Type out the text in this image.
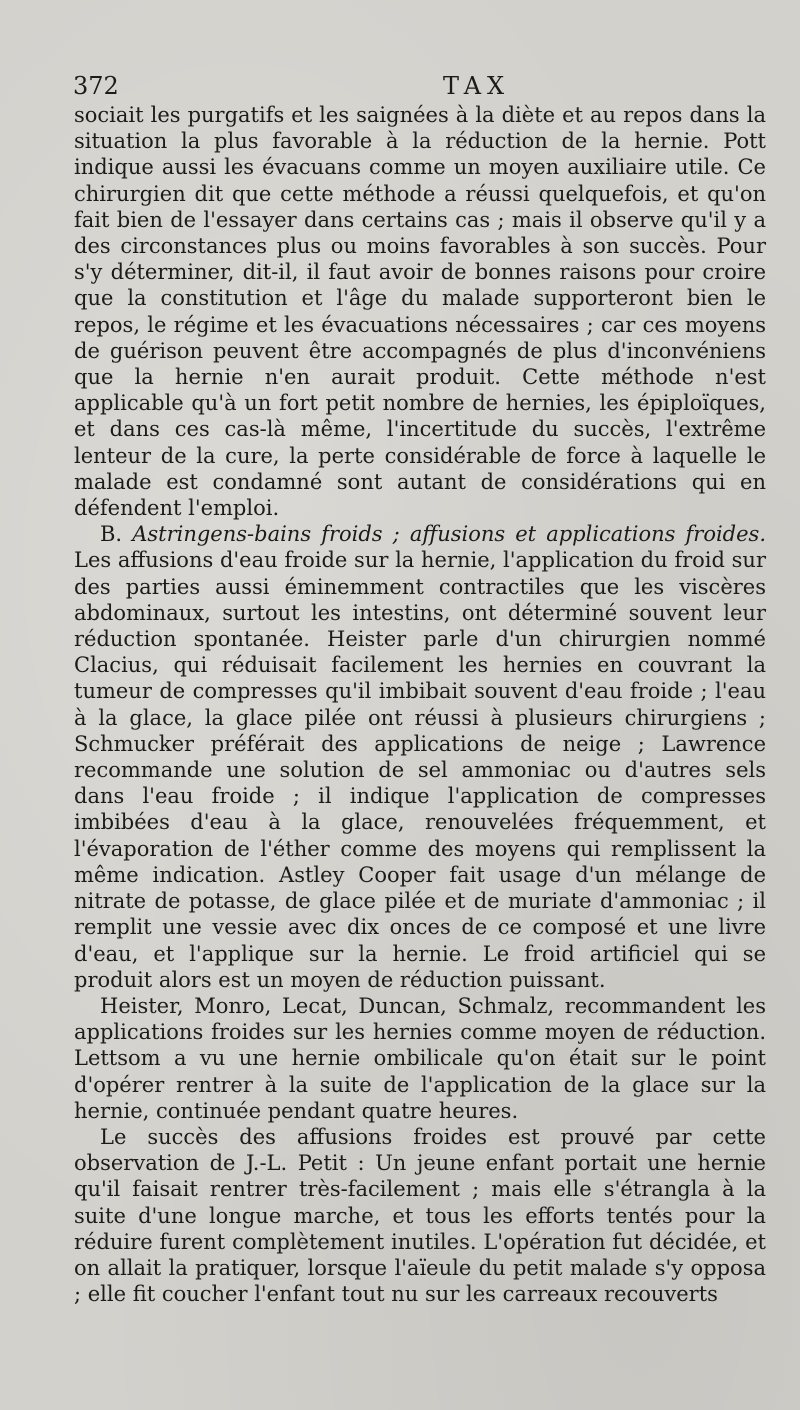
372	TAX

sociait les purgatifs et les saignées à la diète et au repos dans la situation la plus favorable à la réduction de la hernie. Pott indique aussi les évacuans comme un moyen auxiliaire utile. Ce chirurgien dit que cette méthode a réussi quelquefois, et qu'on fait bien de l'essayer dans certains cas ; mais il observe qu'il y a des circonstances plus ou moins favorables à son succès. Pour s'y déterminer, dit-il, il faut avoir de bonnes raisons pour croire que la constitution et l'âge du malade supporteront bien le repos, le régime et les évacuations nécessaires ; car ces moyens de guérison peuvent être accompagnés de plus d'inconvéniens que la hernie n'en aurait produit. Cette méthode n'est applicable qu'à un fort petit nombre de hernies, les épiploïques, et dans ces cas-là même, l'incertitude du succès, l'extrême lenteur de la cure, la perte considérable de force à laquelle le malade est condamné sont autant de considérations qui en défendent l'emploi.

B. Astringens-bains froids ; affusions et applications froides. Les affusions d'eau froide sur la hernie, l'application du froid sur des parties aussi éminemment contractiles que les viscères abdominaux, surtout les intestins, ont déterminé souvent leur réduction spontanée. Heister parle d'un chirurgien nommé Clacius, qui réduisait facilement les hernies en couvrant la tumeur de compresses qu'il imbibait souvent d'eau froide ; l'eau à la glace, la glace pilée ont réussi à plusieurs chirurgiens ; Schmucker préférait des applications de neige ; Lawrence recommande une solution de sel ammoniac ou d'autres sels dans l'eau froide ; il indique l'application de compresses imbibées d'eau à la glace, renouvelées fréquemment, et l'évaporation de l'éther comme des moyens qui remplissent la même indication. Astley Cooper fait usage d'un mélange de nitrate de potasse, de glace pilée et de muriate d'ammoniac ; il remplit une vessie avec dix onces de ce composé et une livre d'eau, et l'applique sur la hernie. Le froid artificiel qui se produit alors est un moyen de réduction puissant.

Heister, Monro, Lecat, Duncan, Schmalz, recommandent les applications froides sur les hernies comme moyen de réduction. Lettsom a vu une hernie ombilicale qu'on était sur le point d'opérer rentrer à la suite de l'application de la glace sur la hernie, continuée pendant quatre heures.

Le succès des affusions froides est prouvé par cette observation de J.-L. Petit : Un jeune enfant portait une hernie qu'il faisait rentrer très-facilement ; mais elle s'étrangla à la suite d'une longue marche, et tous les efforts tentés pour la réduire furent complètement inutiles. L'opération fut décidée, et on allait la pratiquer, lorsque l'aïeule du petit malade s'y opposa ; elle fit coucher l'enfant tout nu sur les carreaux recouverts
